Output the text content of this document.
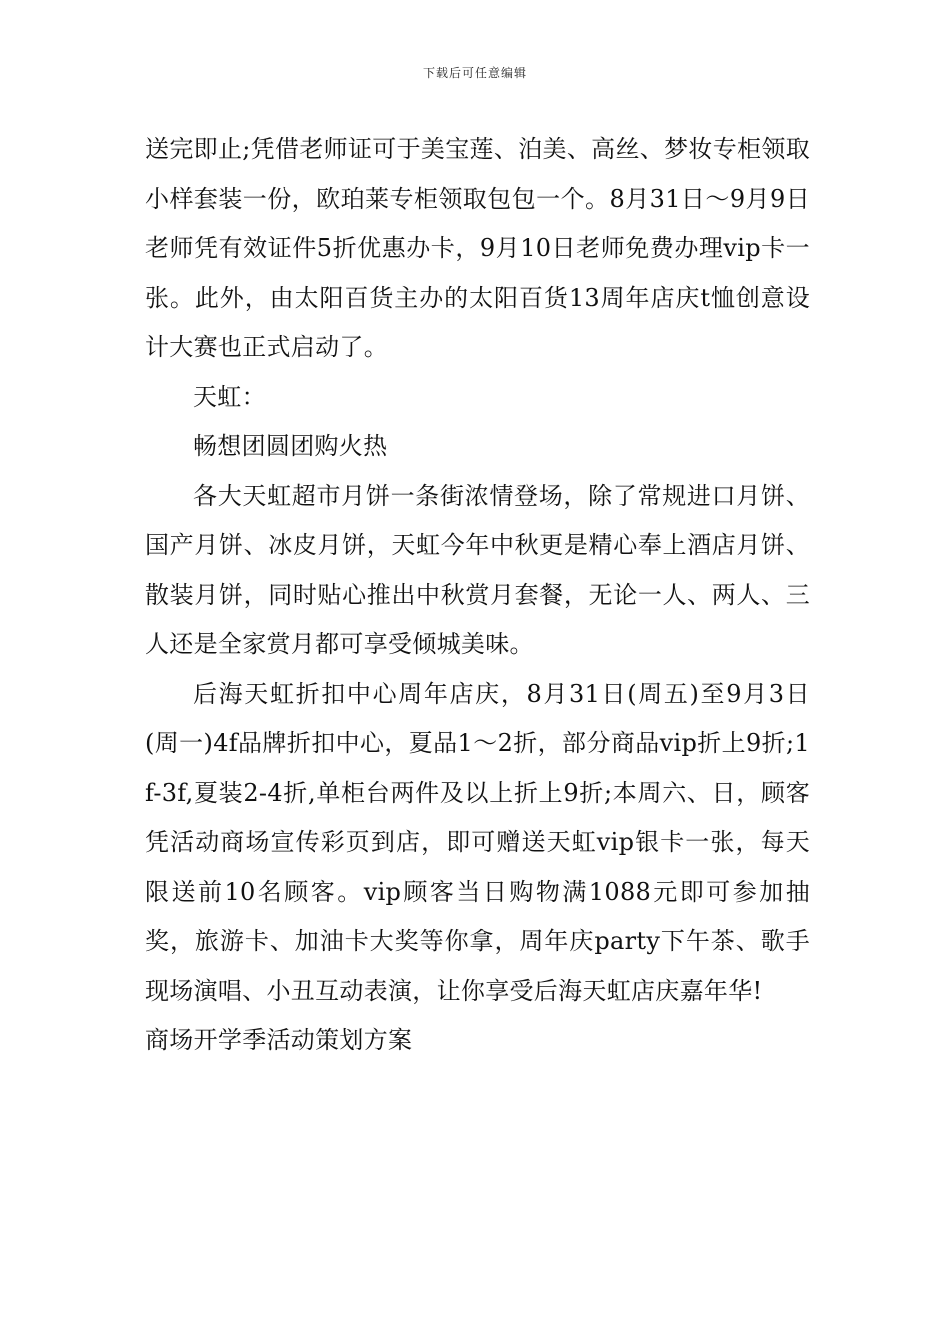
下载后可任意编辑

送完即止;凭借老师证可于美宝莲、泊美、高丝、梦妆专柜领取小样套装一份，欧珀莱专柜领取包包一个。8月31日～9月9日老师凭有效证件5折优惠办卡，9月10日老师免费办理vip卡一张。此外，由太阳百货主办的太阳百货13周年店庆t恤创意设计大赛也正式启动了。

天虹：

畅想团圆团购火热

各大天虹超市月饼一条街浓情登场，除了常规进口月饼、国产月饼、冰皮月饼，天虹今年中秋更是精心奉上酒店月饼、散装月饼，同时贴心推出中秋赏月套餐，无论一人、两人、三人还是全家赏月都可享受倾城美味。

后海天虹折扣中心周年店庆，8月31日(周五)至9月3日(周一)4f品牌折扣中心，夏品1～2折，部分商品vip折上9折;1f-3f,夏装2-4折,单柜台两件及以上折上9折;本周六、日，顾客凭活动商场宣传彩页到店，即可赠送天虹vip银卡一张，每天限送前10名顾客。vip顾客当日购物满1088元即可参加抽奖，旅游卡、加油卡大奖等你拿，周年庆party下午茶、歌手现场演唱、小丑互动表演，让你享受后海天虹店庆嘉年华!

商场开学季活动策划方案
